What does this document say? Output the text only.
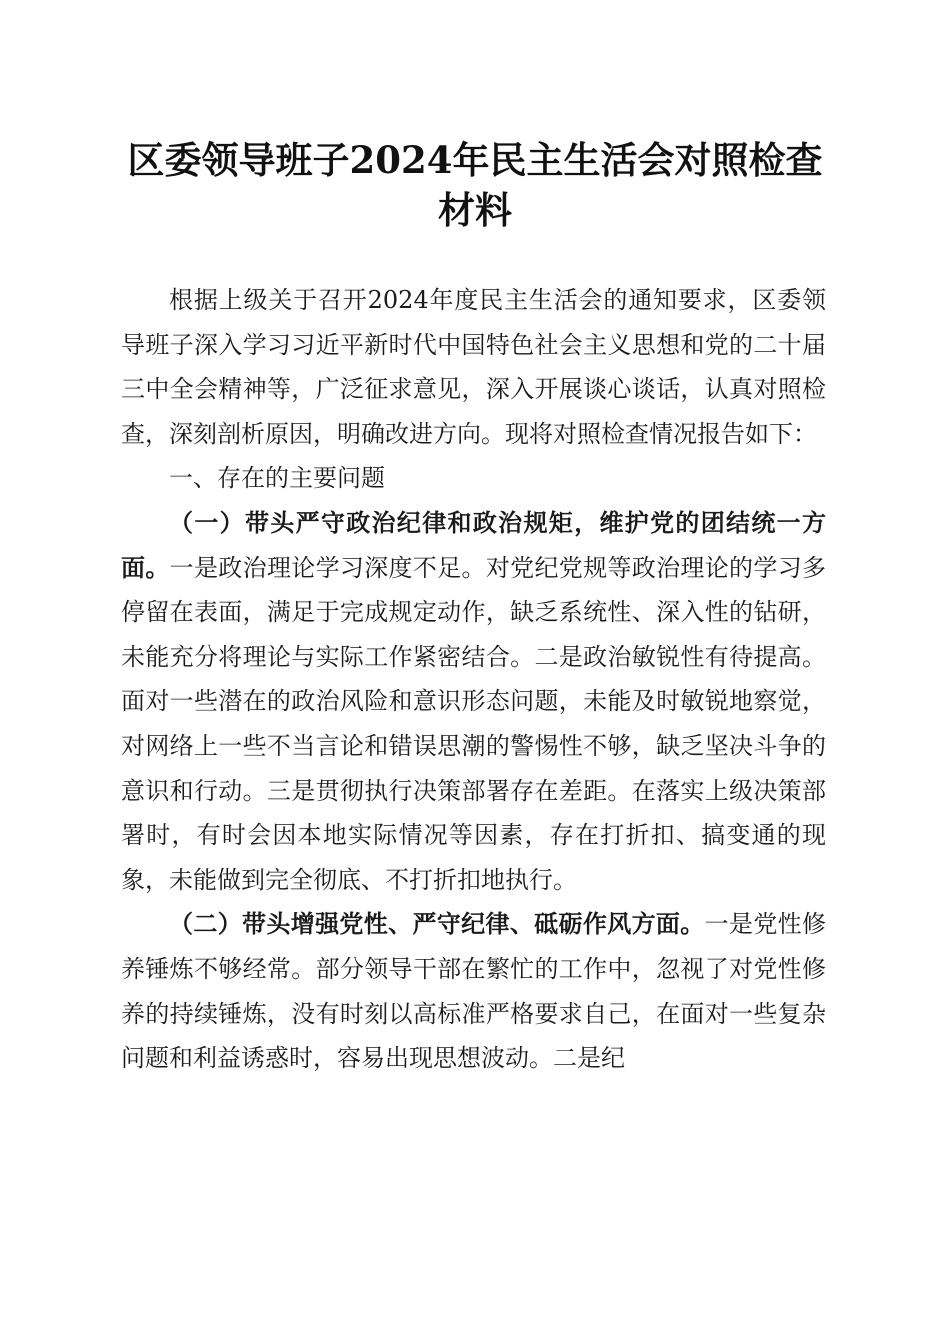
区委领导班子2024年民主生活会对照检查材料

根据上级关于召开2024年度民主生活会的通知要求，区委领导班子深入学习习近平新时代中国特色社会主义思想和党的二十届三中全会精神等，广泛征求意见，深入开展谈心谈话，认真对照检查，深刻剖析原因，明确改进方向。现将对照检查情况报告如下：

一、存在的主要问题

（一）带头严守政治纪律和政治规矩，维护党的团结统一方面。一是政治理论学习深度不足。对党纪党规等政治理论的学习多停留在表面，满足于完成规定动作，缺乏系统性、深入性的钻研，未能充分将理论与实际工作紧密结合。二是政治敏锐性有待提高。面对一些潜在的政治风险和意识形态问题，未能及时敏锐地察觉，对网络上一些不当言论和错误思潮的警惕性不够，缺乏坚决斗争的意识和行动。三是贯彻执行决策部署存在差距。在落实上级决策部署时，有时会因本地实际情况等因素，存在打折扣、搞变通的现象，未能做到完全彻底、不打折扣地执行。

（二）带头增强党性、严守纪律、砥砺作风方面。一是党性修养锤炼不够经常。部分领导干部在繁忙的工作中，忽视了对党性修养的持续锤炼，没有时刻以高标准严格要求自己，在面对一些复杂问题和利益诱惑时，容易出现思想波动。二是纪
